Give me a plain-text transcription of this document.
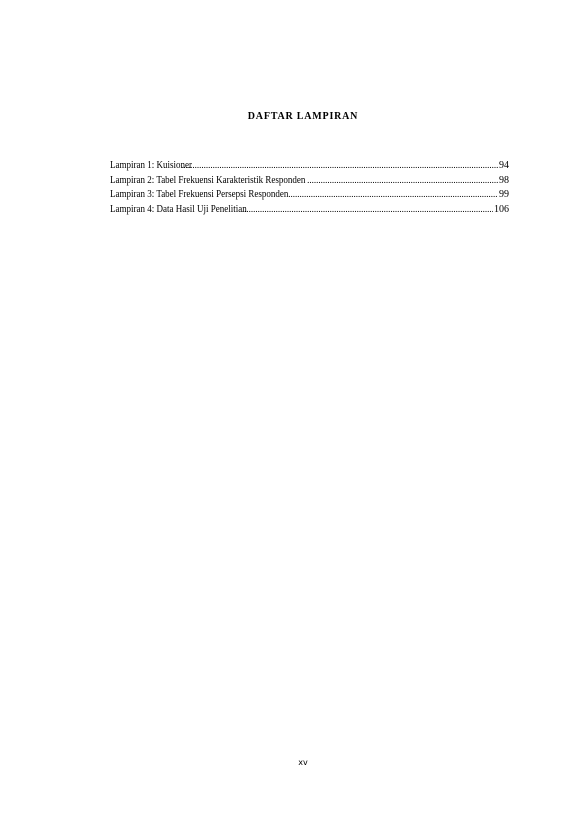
DAFTAR LAMPIRAN
Lampiran 1: Kuisioner .....	94
Lampiran 2: Tabel Frekuensi Karakteristik Responden .....	98
Lampiran 3: Tabel Frekuensi Persepsi Responden .....	99
Lampiran 4: Data Hasil Uji Penelitian .....	106
xv
